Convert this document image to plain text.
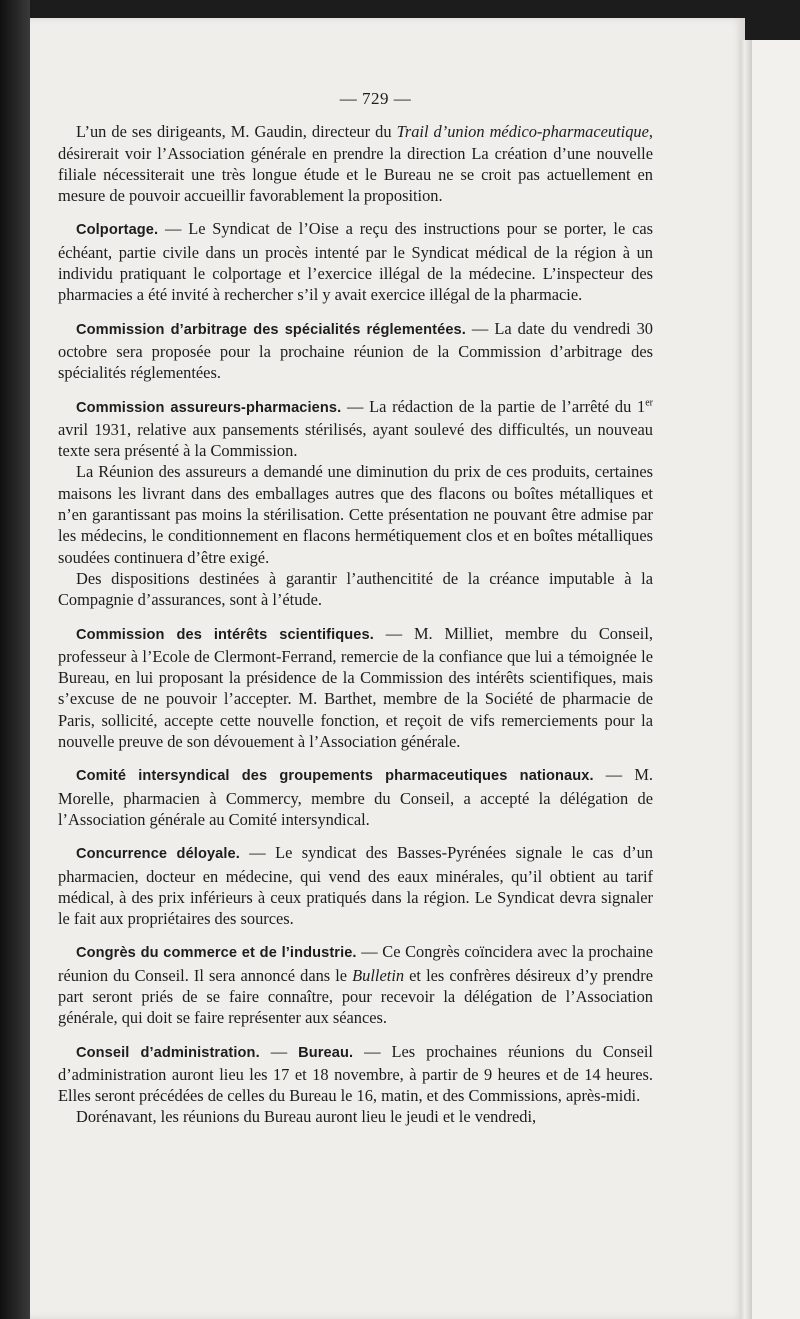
— 729 —

L’un de ses dirigeants, M. Gaudin, directeur du Trail d’union médico-pharmaceutique, désirerait voir l’Association générale en prendre la direction La création d’une nouvelle filiale nécessiterait une très longue étude et le Bureau ne se croit pas actuellement en mesure de pouvoir accueillir favorablement la proposition.

Colportage. — Le Syndicat de l’Oise a reçu des instructions pour se porter, le cas échéant, partie civile dans un procès intenté par le Syndicat médical de la région à un individu pratiquant le colportage et l’exercice illégal de la médecine. L’inspecteur des pharmacies a été invité à rechercher s’il y avait exercice illégal de la pharmacie.

Commission d’arbitrage des spécialités réglementées. — La date du vendredi 30 octobre sera proposée pour la prochaine réunion de la Commission d’arbitrage des spécialités réglementées.

Commission assureurs-pharmaciens. — La rédaction de la partie de l’arrêté du 1er avril 1931, relative aux pansements stérilisés, ayant soulevé des difficultés, un nouveau texte sera présenté à la Commission.

La Réunion des assureurs a demandé une diminution du prix de ces produits, certaines maisons les livrant dans des emballages autres que des flacons ou boîtes métalliques et n’en garantissant pas moins la stérilisation. Cette présentation ne pouvant être admise par les médecins, le conditionnement en flacons hermétiquement clos et en boîtes métalliques soudées continuera d’être exigé.

Des dispositions destinées à garantir l’authencitité de la créance imputable à la Compagnie d’assurances, sont à l’étude.

Commission des intérêts scientifiques. — M. Milliet, membre du Conseil, professeur à l’Ecole de Clermont-Ferrand, remercie de la confiance que lui a témoignée le Bureau, en lui proposant la présidence de la Commission des intérêts scientifiques, mais s’excuse de ne pouvoir l’accepter. M. Barthet, membre de la Société de pharmacie de Paris, sollicité, accepte cette nouvelle fonction, et reçoit de vifs remerciements pour la nouvelle preuve de son dévouement à l’Association générale.

Comité intersyndical des groupements pharmaceutiques nationaux. — M. Morelle, pharmacien à Commercy, membre du Conseil, a accepté la délégation de l’Association générale au Comité intersyndical.

Concurrence déloyale. — Le syndicat des Basses-Pyrénées signale le cas d’un pharmacien, docteur en médecine, qui vend des eaux minérales, qu’il obtient au tarif médical, à des prix inférieurs à ceux pratiqués dans la région. Le Syndicat devra signaler le fait aux propriétaires des sources.

Congrès du commerce et de l’industrie. — Ce Congrès coïncidera avec la prochaine réunion du Conseil. Il sera annoncé dans le Bulletin et les confrères désireux d’y prendre part seront priés de se faire connaître, pour recevoir la délégation de l’Association générale, qui doit se faire représenter aux séances.

Conseil d’administration. — Bureau. — Les prochaines réunions du Conseil d’administration auront lieu les 17 et 18 novembre, à partir de 9 heures et de 14 heures. Elles seront précédées de celles du Bureau le 16, matin, et des Commissions, après-midi.

Dorénavant, les réunions du Bureau auront lieu le jeudi et le vendredi,
